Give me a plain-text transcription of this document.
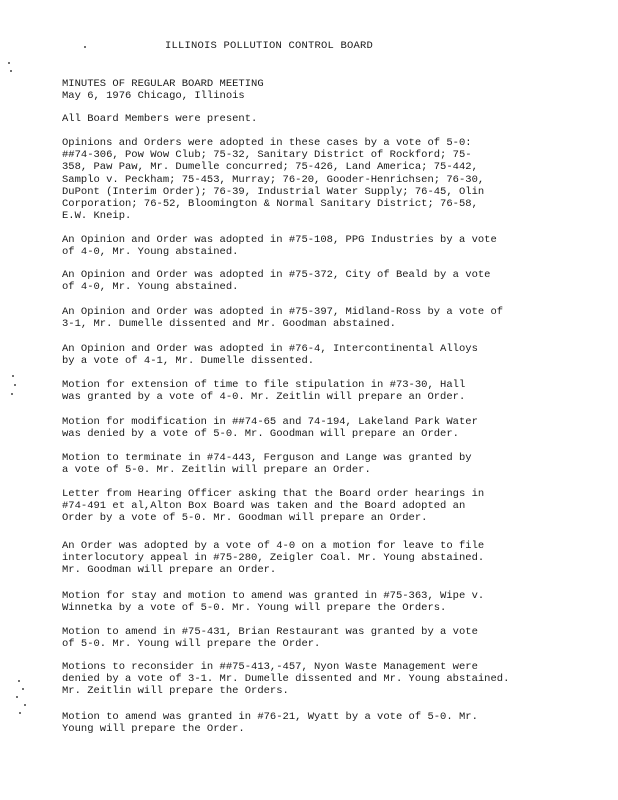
ILLINOIS POLLUTION CONTROL BOARD
MINUTES OF REGULAR BOARD MEETING
May 6, 1976 Chicago, Illinois
All Board Members were present.
Opinions and Orders were adopted in these cases by a vote of 5-0:
##74-306, Pow Wow Club; 75-32, Sanitary District of Rockford; 75-
358, Paw Paw, Mr. Dumelle concurred; 75-426, Land America; 75-442,
Samplo v. Peckham; 75-453, Murray; 76-20, Gooder-Henrichsen; 76-30,
DuPont (Interim Order); 76-39, Industrial Water Supply; 76-45, Olin
Corporation; 76-52, Bloomington & Normal Sanitary District; 76-58,
E.W. Kneip.
An Opinion and Order was adopted in #75-108, PPG Industries by a vote
of 4-0, Mr. Young abstained.
An Opinion and Order was adopted in #75-372, City of Beald by a vote
of 4-0, Mr. Young abstained.
An Opinion and Order was adopted in #75-397, Midland-Ross by a vote of
3-1, Mr. Dumelle dissented and Mr. Goodman abstained.
An Opinion and Order was adopted in #76-4, Intercontinental Alloys
by a vote of 4-1, Mr. Dumelle dissented.
Motion for extension of time to file stipulation in #73-30, Hall
was granted by a vote of 4-0. Mr. Zeitlin will prepare an Order.
Motion for modification in ##74-65 and 74-194, Lakeland Park Water
was denied by a vote of 5-0. Mr. Goodman will prepare an Order.
Motion to terminate in #74-443, Ferguson and Lange was granted by
a vote of 5-0. Mr. Zeitlin will prepare an Order.
Letter from Hearing Officer asking that the Board order hearings in
#74-491 et al,Alton Box Board was taken and the Board adopted an
Order by a vote of 5-0. Mr. Goodman will prepare an Order.
An Order was adopted by a vote of 4-0 on a motion for leave to file
interlocutory appeal in #75-280, Zeigler Coal. Mr. Young abstained.
Mr. Goodman will prepare an Order.
Motion for stay and motion to amend was granted in #75-363, Wipe v.
Winnetka by a vote of 5-0. Mr. Young will prepare the Orders.
Motion to amend in #75-431, Brian Restaurant was granted by a vote
of 5-0. Mr. Young will prepare the Order.
Motions to reconsider in ##75-413,-457, Nyon Waste Management were
denied by a vote of 3-1. Mr. Dumelle dissented and Mr. Young abstained.
Mr. Zeitlin will prepare the Orders.
Motion to amend was granted in #76-21, Wyatt by a vote of 5-0. Mr.
Young will prepare the Order.
